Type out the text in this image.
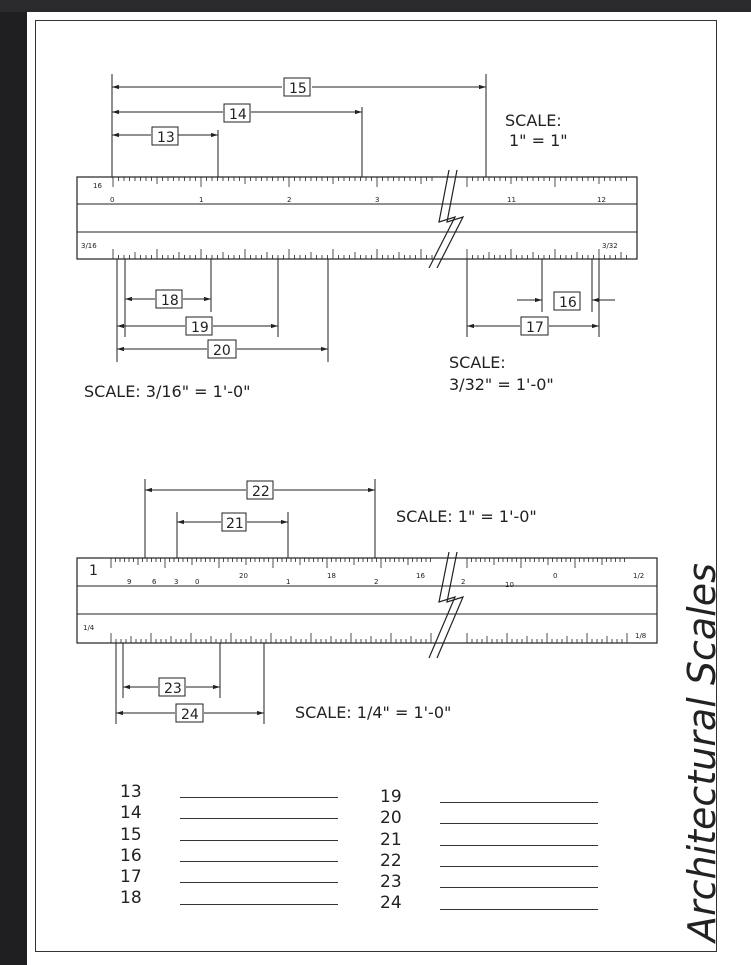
16
0	1	2	3	11	12
3/16	3/32
1
9	6	3 0
20
1
18
2
16
2	10
0	1/2
1/4
1/8
15
14
13
18
19
20
16
17
22
21
23
24
SCALE:
1" = 1"
SCALE: 3/16" = 1'-0"
SCALE:
3/32" = 1'-0"
SCALE: 1" = 1'-0"
SCALE: 1/4" = 1'-0"	Architectural Scales
13
14
15
16
17
18
19
20
21
22
23
24
